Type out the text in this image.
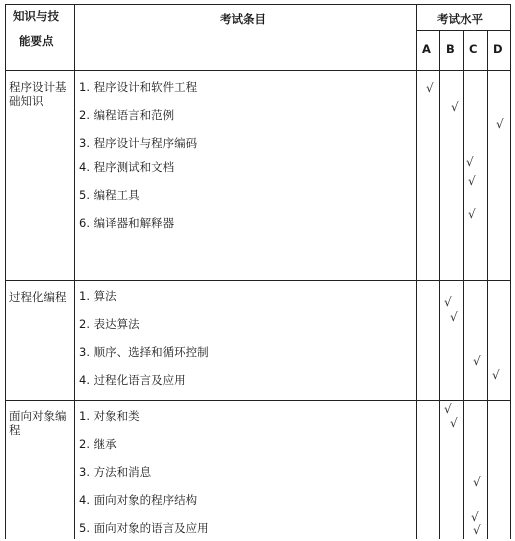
知识与技
能要点
考试条目	考试水平
A B C D
程序设计基础知识
1. 程序设计和软件工程
2. 编程语言和范例
3. 程序设计与程序编码
4. 程序测试和文档
5. 编程工具
6. 编译器和解释器
√
√
√
√
√
√
过程化编程	1. 算法
2. 表达算法
3. 顺序、选择和循环控制
4. 过程化语言及应用
√
√
√
√
面向对象编程
1. 对象和类
2. 继承
3. 方法和消息
4. 面向对象的程序结构
5. 面向对象的语言及应用
√
√
√
√
√
